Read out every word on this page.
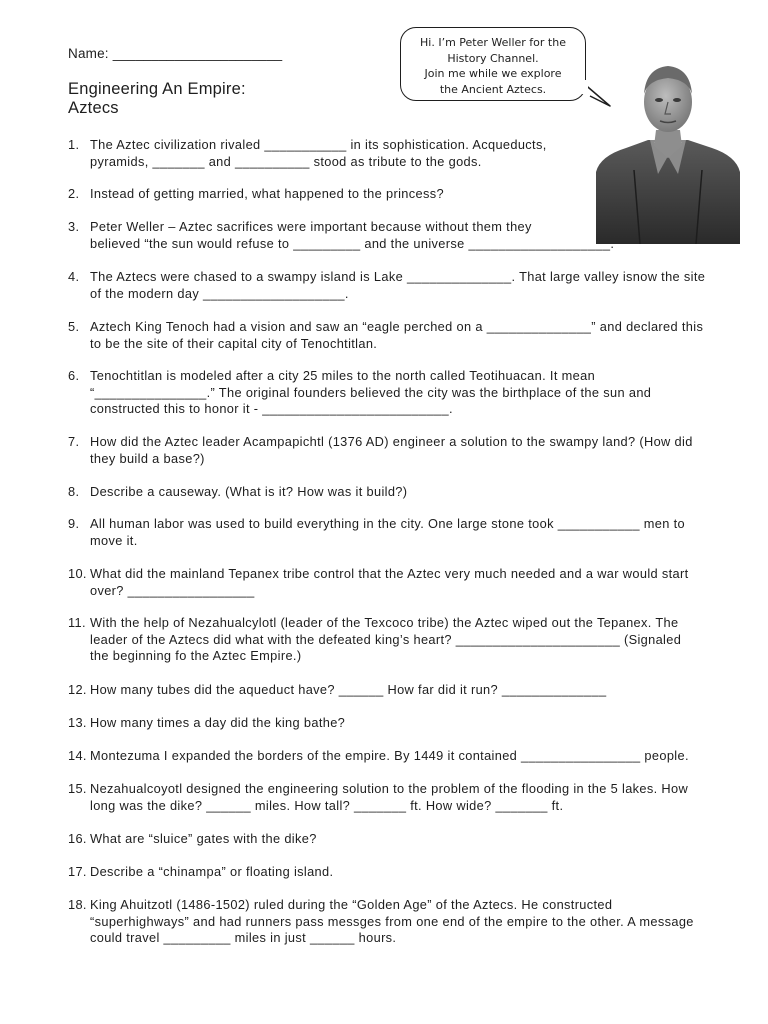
Name: ______________________
Engineering An Empire:
Aztecs
Hi. I’m Peter Weller for the
History Channel.
Join me while we explore
the Ancient Aztecs.
1. The Aztec civilization rivaled ___________ in its sophistication. Acqueducts,
pyramids, _______ and __________ stood as tribute to the gods.
2. Instead of getting married, what happened to the princess?
3. Peter Weller – Aztec sacrifices were important because without them they
believed “the sun would refuse to _________ and the universe ___________________.
4. The Aztecs were chased to a swampy island is Lake ______________. That large valley isnow the site
of the modern day ___________________.
5. Aztech King Tenoch had a vision and saw an “eagle perched on a ______________” and declared this
to be the site of their capital city of Tenochtitlan.
6. Tenochtitlan is modeled after a city 25 miles to the north called Teotihuacan. It mean
“_______________.” The original founders believed the city was the birthplace of the sun and
constructed this to honor it - _________________________.
7. How did the Aztec leader Acampapichtl (1376 AD) engineer a solution to the swampy land? (How did
they build a base?)
8. Describe a causeway. (What is it? How was it build?)
9. All human labor was used to build everything in the city. One large stone took ___________ men to
move it.
10. What did the mainland Tepanex tribe control that the Aztec very much needed and a war would start
over? _________________
11. With the help of Nezahualcylotl (leader of the Texcoco tribe) the Aztec wiped out the Tepanex. The
leader of the Aztecs did what with the defeated king’s heart? ______________________ (Signaled
the beginning fo the Aztec Empire.)
12. How many tubes did the aqueduct have? ______ How far did it run? ______________
13. How many times a day did the king bathe?
14. Montezuma I expanded the borders of the empire. By 1449 it contained ________________ people.
15. Nezahualcoyotl designed the engineering solution to the problem of the flooding in the 5 lakes. How
long was the dike? ______ miles. How tall? _______ ft. How wide? _______ ft.
16. What are “sluice” gates with the dike?
17. Describe a “chinampa” or floating island.
18. King Ahuitzotl (1486-1502) ruled during the “Golden Age” of the Aztecs. He constructed
“superhighways” and had runners pass messges from one end of the empire to the other. A message
could travel _________ miles in just ______ hours.
